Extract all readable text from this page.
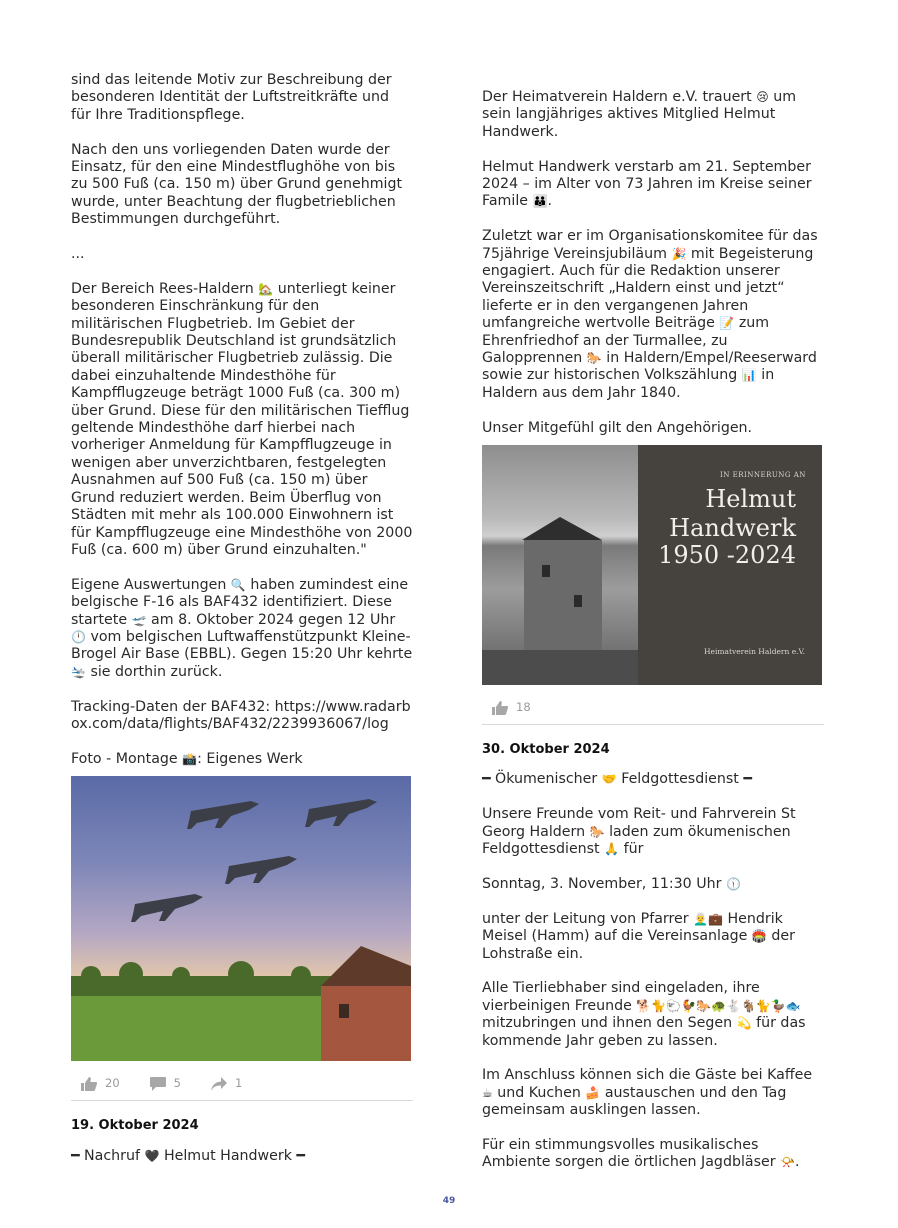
sind das leitende Motiv zur Beschreibung der besonderen Identität der Luftstreitkräfte und für Ihre Traditionspflege.

Nach den uns vorliegenden Daten wurde der Einsatz, für den eine Mindestflughöhe von bis zu 500 Fuß (ca. 150 m) über Grund genehmigt wurde, unter Beachtung der flugbetrieblichen Bestimmungen durchgeführt.

...

Der Bereich Rees-Haldern 🏡 unterliegt keiner besonderen Einschränkung für den militärischen Flugbetrieb. Im Gebiet der Bundesrepublik Deutschland ist grundsätzlich überall militärischer Flugbetrieb zulässig. Die dabei einzuhaltende Mindesthöhe für Kampfflugzeuge beträgt 1000 Fuß (ca. 300 m) über Grund. Diese für den militärischen Tiefflug geltende Mindesthöhe darf hierbei nach vorheriger Anmeldung für Kampfflugzeuge in wenigen aber unverzichtbaren, festgelegten Ausnahmen auf 500 Fuß (ca. 150 m) über Grund reduziert werden. Beim Überflug von Städten mit mehr als 100.000 Einwohnern ist für Kampfflugzeuge eine Mindesthöhe von 2000 Fuß (ca. 600 m) über Grund einzuhalten."

Eigene Auswertungen 🔍 haben zumindest eine belgische F-16 als BAF432 identifiziert. Diese startete 🛫 am 8. Oktober 2024 gegen 12 Uhr 🕛 vom belgischen Luftwaffenstützpunkt Kleine-Brogel Air Base (EBBL). Gegen 15:20 Uhr kehrte 🛬 sie dorthin zurück.

Tracking-Daten der BAF432: https://www.radarbox.com/data/flights/BAF432/2239936067/log

Foto - Montage 📸: Eigenes Werk

20	5	1
19. Oktober 2024

━ Nachruf 🖤 Helmut Handwerk ━

Der Heimatverein Haldern e.V. trauert 😢 um sein langjähriges aktives Mitglied Helmut Handwerk.

Helmut Handwerk verstarb am 21. September 2024 – im Alter von 73 Jahren im Kreise seiner Famile 👪.

Zuletzt war er im Organisationskomitee für das 75jährige Vereinsjubiläum 🎉 mit Begeisterung engagiert. Auch für die Redaktion unserer Vereinszeitschrift „Haldern einst und jetzt“ lieferte er in den vergangenen Jahren umfangreiche wertvolle Beiträge 📝 zum Ehrenfriedhof an der Turmallee, zu Galopprennen 🐎 in Haldern/Empel/Reeserward sowie zur historischen Volkszählung 📊 in Haldern aus dem Jahr 1840.

Unser Mitgefühl gilt den Angehörigen.

IN ERINNERUNG AN
Helmut
Handwerk
1950 -2024
Heimatverein Haldern e.V.
18
30. Oktober 2024

━ Ökumenischer 🤝 Feldgottesdienst ━

Unsere Freunde vom Reit- und Fahrverein St Georg Haldern 🐎 laden zum ökumenischen Feldgottesdienst 🙏 für

Sonntag, 3. November, 11:30 Uhr 🕦

unter der Leitung von Pfarrer 👨‍🦳💼 Hendrik Meisel (Hamm) auf die Vereinsanlage 🏟️ der Lohstraße ein.

Alle Tierliebhaber sind eingeladen, ihre vierbeinigen Freunde 🐕🐈🐑🐓🐎🐢🐇🐐🐈🦆🐟 mitzubringen und ihnen den Segen 💫 für das kommende Jahr geben zu lassen.

Im Anschluss können sich die Gäste bei Kaffee ☕ und Kuchen 🍰 austauschen und den Tag gemeinsam ausklingen lassen.

Für ein stimmungsvolles musikalisches Ambiente sorgen die örtlichen Jagdbläser 📯.

49
